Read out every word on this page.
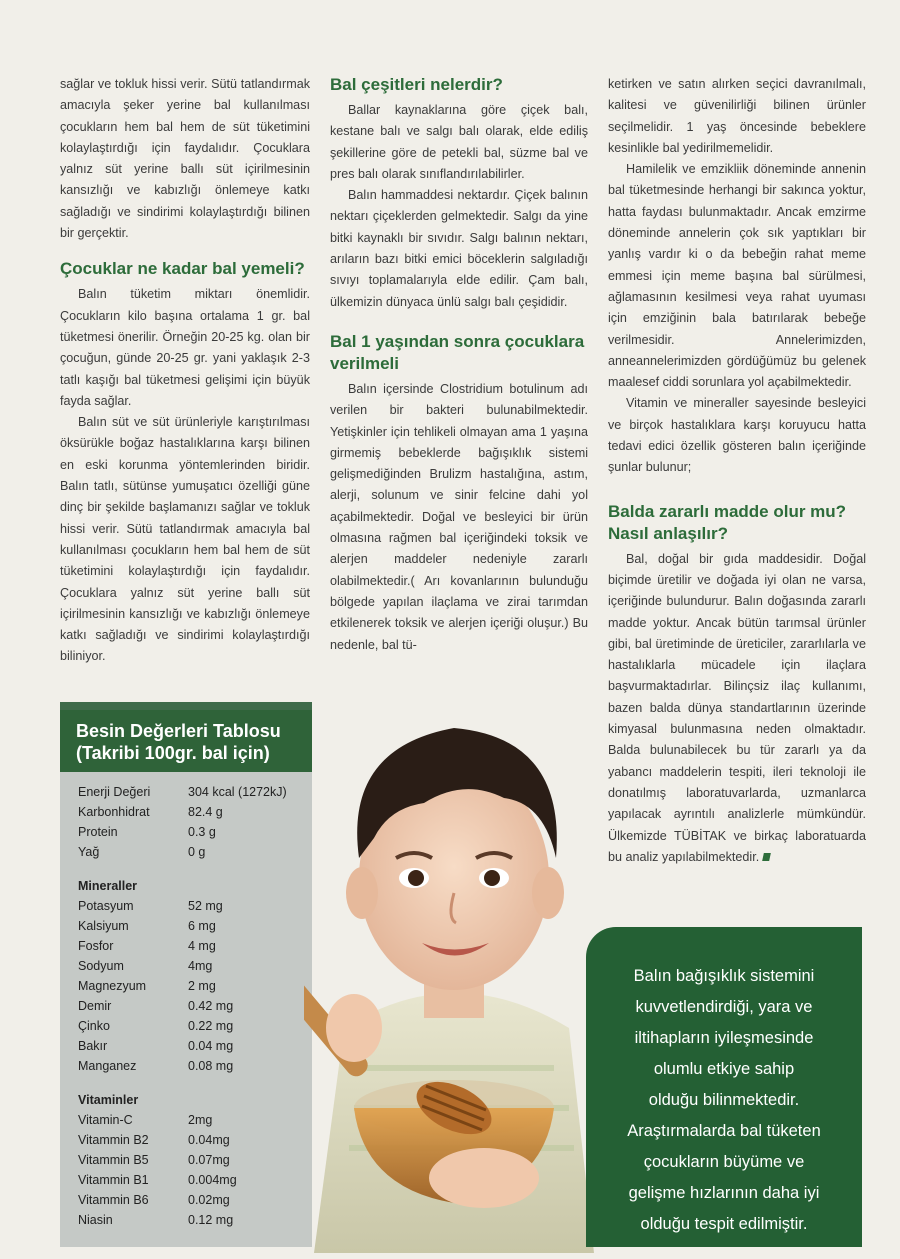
sağlar ve tokluk hissi verir. Sütü tatlandırmak amacıyla şeker yerine bal kullanılması çocukların hem bal hem de süt tüketimini kolaylaştırdığı için faydalıdır. Çocuklara yalnız süt yerine ballı süt içirilmesinin kansızlığı ve kabızlığı önlemeye katkı sağladığı ve sindirimi kolaylaştırdığı bilinen bir gerçektir.

Çocuklar ne kadar bal yemeli?

Balın tüketim miktarı önemlidir. Çocukların kilo başına ortalama 1 gr. bal tüketmesi önerilir. Örneğin 20-25 kg. olan bir çocuğun, günde 20-25 gr. yani yaklaşık 2-3 tatlı kaşığı bal tüketmesi gelişimi için büyük fayda sağlar.

Balın süt ve süt ürünleriyle karıştırılması öksürükle boğaz hastalıklarına karşı bilinen en eski korunma yöntemlerinden biridir. Balın tatlı, sütünse yumuşatıcı özelliği güne dinç bir şekilde başlamanızı sağlar ve tokluk hissi verir. Sütü tatlandırmak amacıyla bal kullanılması çocukların hem bal hem de süt tüketimini kolaylaştırdığı için faydalıdır. Çocuklara yalnız süt yerine ballı süt içirilmesinin kansızlığı ve kabızlığı önlemeye katkı sağladığı ve sindirimi kolaylaştırdığı biliniyor.

Bal çeşitleri nelerdir?

Ballar kaynaklarına göre çiçek balı, kestane balı ve salgı balı olarak, elde ediliş şekillerine göre de petekli bal, süzme bal ve pres balı olarak sınıflandırılabilirler.

Balın hammaddesi nektardır. Çiçek balının nektarı çiçeklerden gelmektedir. Salgı da yine bitki kaynaklı bir sıvıdır. Salgı balının nektarı, arıların bazı bitki emici böceklerin salgıladığı sıvıyı toplamalarıyla elde edilir. Çam balı, ülkemizin dünyaca ünlü salgı balı çeşididir.

Bal 1 yaşından sonra çocuklara verilmeli

Balın içersinde Clostridium botulinum adı verilen bir bakteri bulunabilmektedir. Yetişkinler için tehlikeli olmayan ama 1 yaşına girmemiş bebeklerde bağışıklık sistemi gelişmediğinden Brulizm hastalığına, astım, alerji, solunum ve sinir felcine dahi yol açabilmektedir. Doğal ve besleyici bir ürün olmasına rağmen bal içeriğindeki toksik ve alerjen maddeler nedeniyle zararlı olabilmektedir.( Arı kovanlarının bulunduğu bölgede yapılan ilaçlama ve zirai tarımdan etkilenerek toksik ve alerjen içeriği oluşur.) Bu nedenle, bal tü-

ketirken ve satın alırken seçici davranılmalı, kalitesi ve güvenilirliği bilinen ürünler seçilmelidir. 1 yaş öncesinde bebeklere kesinlikle bal yedirilmemelidir.

Hamilelik ve emzikliik döneminde annenin bal tüketmesinde herhangi bir sakınca yoktur, hatta faydası bulunmaktadır. Ancak emzirme döneminde annelerin çok sık yaptıkları bir yanlış vardır ki o da bebeğin rahat meme emmesi için meme başına bal sürülmesi, ağlamasının kesilmesi veya rahat uyuması için emziğinin bala batırılarak bebeğe verilmesidir. Annelerimizden, anneannelerimizden gördüğümüz bu gelenek maalesef ciddi sorunlara yol açabilmektedir.

Vitamin ve mineraller sayesinde besleyici ve birçok hastalıklara karşı koruyucu hatta tedavi edici özellik gösteren balın içeriğinde şunlar bulunur;

Balda zararlı madde olur mu? Nasıl anlaşılır?

Bal, doğal bir gıda maddesidir. Doğal biçimde üretilir ve doğada iyi olan ne varsa, içeriğinde bulundurur. Balın doğasında zararlı madde yoktur. Ancak bütün tarımsal ürünler gibi, bal üretiminde de üreticiler, zararlılarla ve hastalıklarla mücadele için ilaçlara başvurmaktadırlar. Bilinçsiz ilaç kullanımı, bazen balda dünya standartlarının üzerinde kimyasal bulunmasına neden olmaktadır. Balda bulunabilecek bu tür zararlı ya da yabancı maddelerin tespiti, ileri teknoloji ile donatılmış laboratuvarlarda, uzmanlarca yapılacak ayrıntılı analizlerle mümkündür. Ülkemizde TÜBİTAK ve birkaç laboratuarda bu analiz yapılabilmektedir.

Besin Değerleri Tablosu
(Takribi 100gr. bal için)
Enerji Değeri	304 kcal (1272kJ)
Karbonhidrat	82.4 g
Protein	0.3 g
Yağ	0 g
Mineraller
Potasyum	52 mg
Kalsiyum	6 mg
Fosfor	4 mg
Sodyum	4mg
Magnezyum	2 mg
Demir	0.42 mg
Çinko	0.22 mg
Bakır	0.04 mg
Manganez	0.08 mg
Vitaminler
Vitamin-C	2mg
Vitammin B2	0.04mg
Vitammin B5	0.07mg
Vitammin B1	0.004mg
Vitammin B6	0.02mg
Niasin	0.12 mg
Balın bağışıklık sistemini
kuvvetlendirdiği, yara ve
iltihapların iyileşmesinde
olumlu etkiye sahip
olduğu bilinmektedir.
Araştırmalarda bal tüketen
çocukların büyüme ve
gelişme hızlarının daha iyi
olduğu tespit edilmiştir.
